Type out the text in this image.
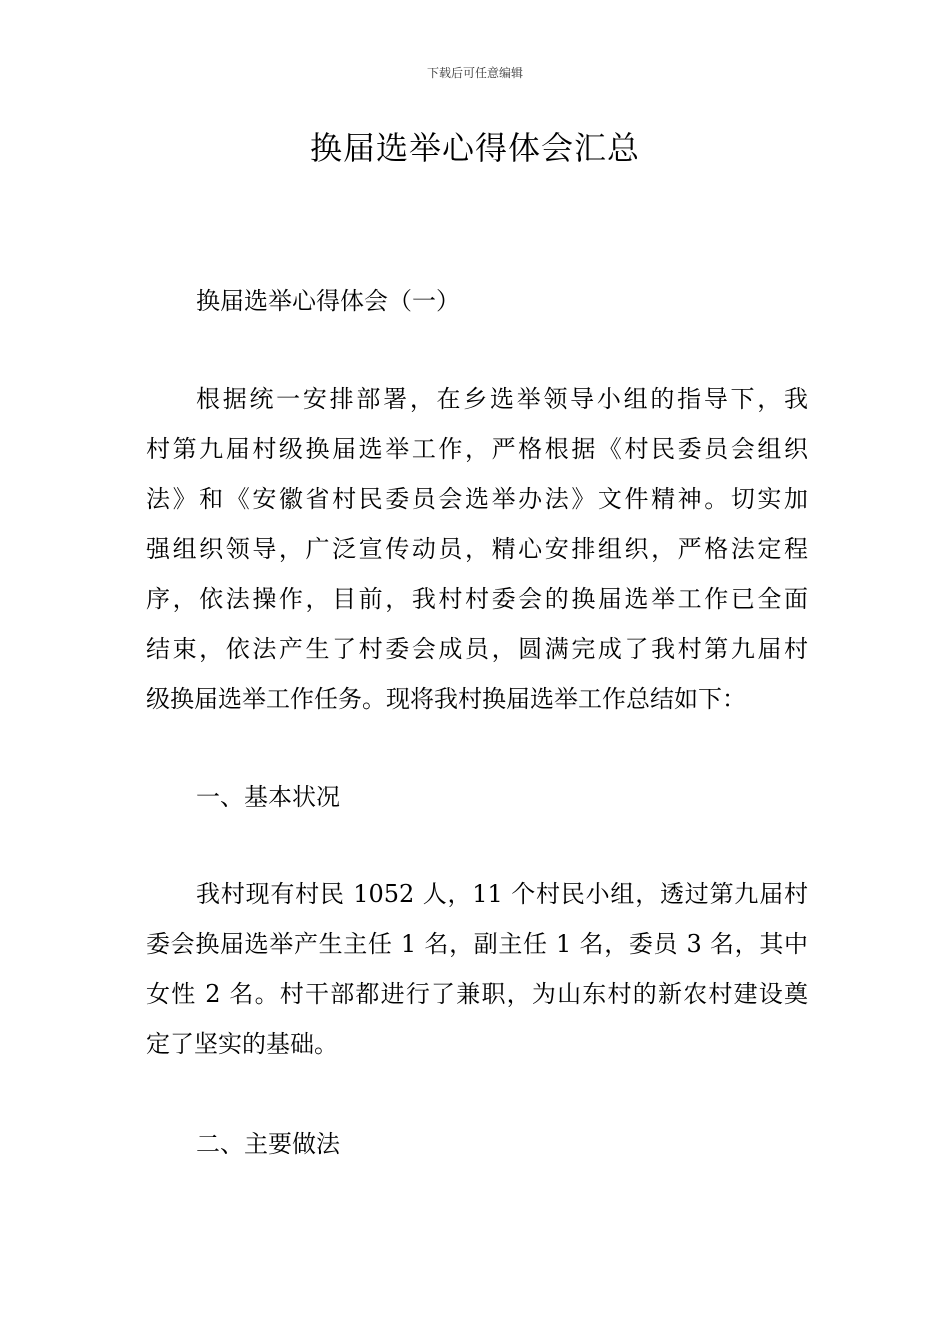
下载后可任意编辑
换届选举心得体会汇总
换届选举心得体会（一）
根据统一安排部署，在乡选举领导小组的指导下，我
村第九届村级换届选举工作，严格根据《村民委员会组织
法》和《安徽省村民委员会选举办法》文件精神。切实加
强组织领导，广泛宣传动员，精心安排组织，严格法定程
序，依法操作，目前，我村村委会的换届选举工作已全面
结束，依法产生了村委会成员，圆满完成了我村第九届村
级换届选举工作任务。现将我村换届选举工作总结如下：
一、基本状况
我村现有村民 1052 人，11 个村民小组，透过第九届村
委会换届选举产生主任 1 名，副主任 1 名，委员 3 名，其中
女性 2 名。村干部都进行了兼职，为山东村的新农村建设奠
定了坚实的基础。
二、主要做法
